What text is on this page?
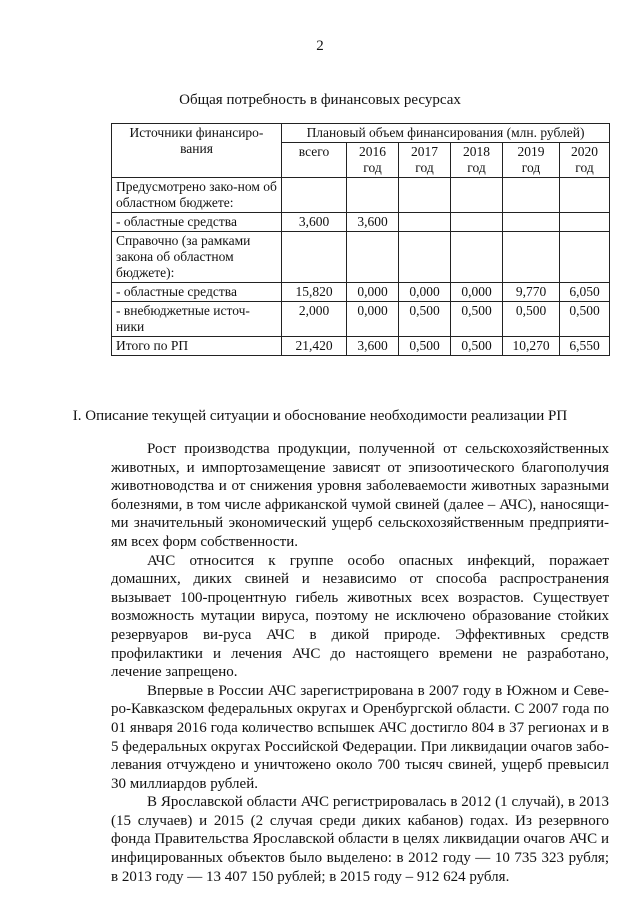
2
Общая потребность в финансовых ресурсах
Источники финансиро-вания	Плановый объем финансирования (млн. рублей)					
	всего	2016 год	2017 год	2018 год	2019 год	2020 год
Предусмотрено зако-ном об областном бюджете:						
- областные средства	3,600	3,600				
Справочно (за рамками закона об областном бюджете):						
- областные средства	15,820	0,000	0,000	0,000	9,770	6,050
- внебюджетные источ-ники	2,000	0,000	0,500	0,500	0,500	0,500
Итого по РП	21,420	3,600	0,500	0,500	10,270	6,550
I. Описание текущей ситуации и обоснование необходимости реализации РП

Рост производства продукции, полученной от сельскохозяйственных животных, и импортозамещение зависят от эпизоотического благополучия животноводства и от снижения уровня заболеваемости животных заразными болезнями, в том числе африканской чумой свиней (далее – АЧС), наносящи-ми значительный экономический ущерб сельскохозяйственным предприяти-ям всех форм собственности.

АЧС относится к группе особо опасных инфекций, поражает домашних, диких свиней и независимо от способа распространения вызывает 100-процентную гибель животных всех возрастов. Существует возможность мутации вируса, поэтому не исключено образование стойких резервуаров ви-руса АЧС в дикой природе. Эффективных средств профилактики и лечения АЧС до настоящего времени не разработано, лечение запрещено.

Впервые в России АЧС зарегистрирована в 2007 году в Южном и Севе-ро-Кавказском федеральных округах и Оренбургской области. С 2007 года по 01 января 2016 года количество вспышек АЧС достигло 804 в 37 регионах и в 5 федеральных округах Российской Федерации. При ликвидации очагов забо-левания отчуждено и уничтожено около 700 тысяч свиней, ущерб превысил 30 миллиардов рублей.

В Ярославской области АЧС регистрировалась в 2012 (1 случай), в 2013 (15 случаев) и 2015 (2 случая среди диких кабанов) годах. Из резервного фонда Правительства Ярославской области в целях ликвидации очагов АЧС и инфицированных объектов было выделено: в 2012 году — 10 735 323 рубля; в 2013 году — 13 407 150 рублей; в 2015 году – 912 624 рубля.
